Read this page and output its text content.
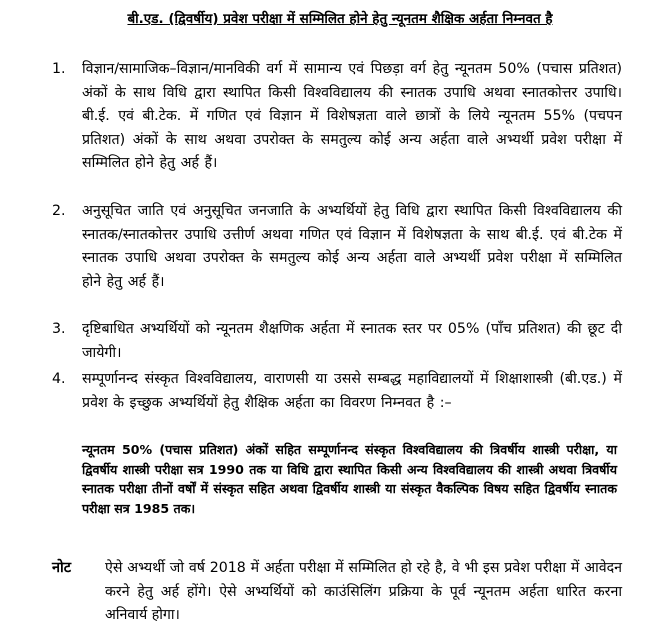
बी.एड. (द्विवर्षीय) प्रवेश परीक्षा में सम्मिलित होने हेतु न्यूनतम शैक्षिक अर्हता निम्नवत है
1.	विज्ञान/सामाजिक–विज्ञान/मानविकी वर्ग में सामान्य एवं पिछड़ा वर्ग हेतु न्यूनतम 50% (पचास प्रतिशत) अंकों के साथ विधि द्वारा स्थापित किसी विश्वविद्यालय की स्नातक उपाधि अथवा स्नातकोत्तर उपाधि। बी.ई. एवं बी.टेक. में गणित एवं विज्ञान में विशेषज्ञता वाले छात्रों के लिये न्यूनतम 55% (पचपन प्रतिशत) अंकों के साथ अथवा उपरोक्त के समतुल्य कोई अन्य अर्हता वाले अभ्यर्थी प्रवेश परीक्षा में सम्मिलित होने हेतु अर्ह हैं।
2.	अनुसूचित जाति एवं अनुसूचित जनजाति के अभ्यर्थियों हेतु विधि द्वारा स्थापित किसी विश्वविद्यालय की स्नातक/स्नातकोत्तर उपाधि उत्तीर्ण अथवा गणित एवं विज्ञान में विशेषज्ञता के साथ बी.ई. एवं बी.टेक में स्नातक उपाधि अथवा उपरोक्त के समतुल्य कोई अन्य अर्हता वाले अभ्यर्थी प्रवेश परीक्षा में सम्मिलित होने हेतु अर्ह हैं।
3.	दृष्टिबाधित अभ्यर्थियों को न्यूनतम शैक्षणिक अर्हता में स्नातक स्तर पर 05% (पाँच प्रतिशत) की छूट दी जायेगी।
4.	सम्पूर्णानन्द संस्कृत विश्वविद्यालय, वाराणसी या उससे सम्बद्ध महाविद्यालयों में शिक्षाशास्त्री (बी.एड.) में प्रवेश के इच्छुक अभ्यर्थियों हेतु शैक्षिक अर्हता का विवरण निम्नवत है :–
न्यूनतम 50% (पचास प्रतिशत) अंकों सहित सम्पूर्णानन्द संस्कृत विश्वविद्यालय की त्रिवर्षीय शास्त्री परीक्षा, या द्विवर्षीय शास्त्री परीक्षा सत्र 1990 तक या विधि द्वारा स्थापित किसी अन्य विश्वविद्यालय की शास्त्री अथवा त्रिवर्षीय स्नातक परीक्षा तीनों वर्षों में संस्कृत सहित अथवा द्विवर्षीय शास्त्री या संस्कृत वैकल्पिक विषय सहित द्विवर्षीय स्नातक परीक्षा सत्र 1985 तक।
नोट ऐसे अभ्यर्थी जो वर्ष 2018 में अर्हता परीक्षा में सम्मिलित हो रहे है, वे भी इस प्रवेश परीक्षा में आवेदन करने हेतु अर्ह होंगे। ऐसे अभ्यर्थियों को काउंसिलिंग प्रक्रिया के पूर्व न्यूनतम अर्हता धारित करना अनिवार्य होगा।
